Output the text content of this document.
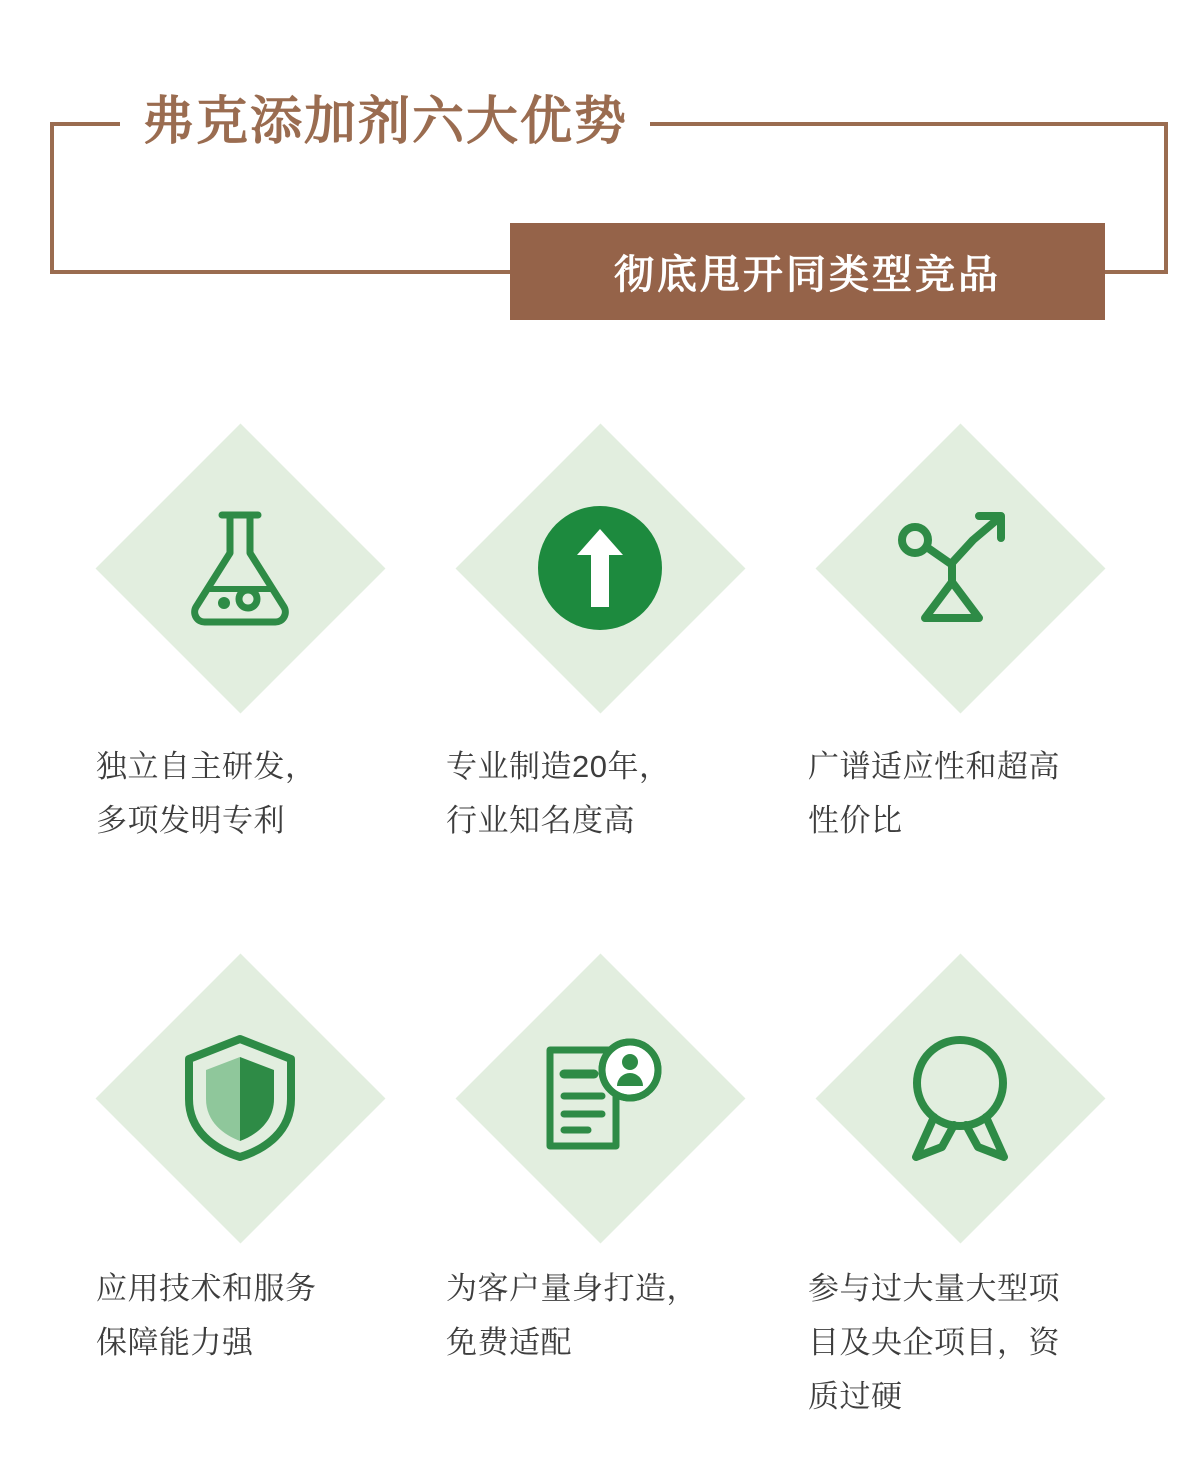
弗克添加剂六大优势
彻底甩开同类型竞品
独立自主研发，
多项发明专利
专业制造20年，
行业知名度高
广谱适应性和超高
性价比
应用技术和服务
保障能力强
为客户量身打造，
免费适配
参与过大量大型项
目及央企项目，资
质过硬
